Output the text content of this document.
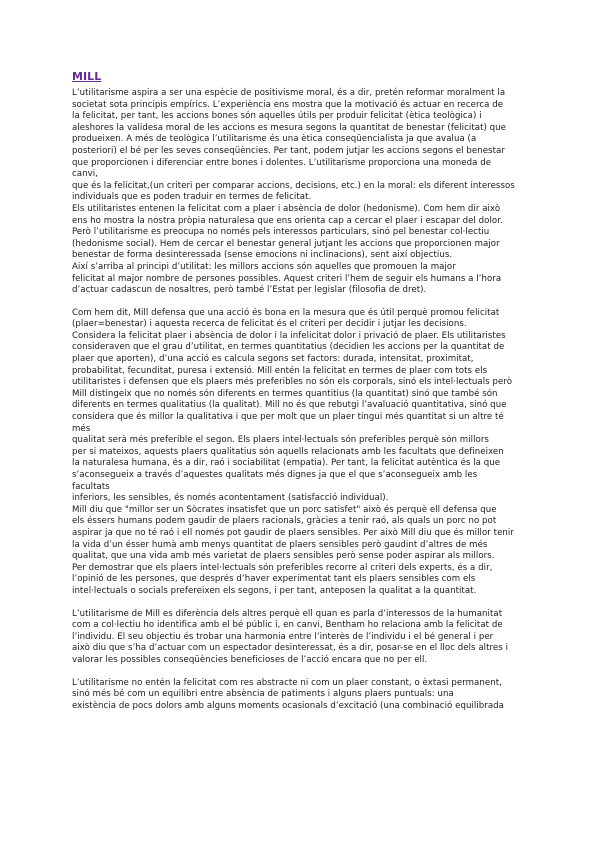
MILL

L’utilitarisme aspira a ser una espècie de positivisme moral, és a dir, pretén reformar moralment la
societat sota principis empírics. L’experiència ens mostra que la motivació és actuar en recerca de
la felicitat, per tant, les accions bones són aquelles útils per produir felicitat (ètica teològica) i
aleshores la validesa moral de les accions es mesura segons la quantitat de benestar (felicitat) que
produeixen. A més de teològica l’utilitarisme és una ètica conseqüencialista ja que avalua (a
posteriori) el bé per les seves conseqüències. Per tant, podem jutjar les accions segons el benestar
que proporcionen i diferenciar entre bones i dolentes. L’utilitarisme proporciona una moneda de canvi,
que és la felicitat,(un criteri per comparar accions, decisions, etc.) en la moral: els diferent interessos
individuals que es poden traduir en termes de felicitat.
Els utilitaristes entenen la felicitat com a plaer i absència de dolor (hedonisme). Com hem dir això
ens ho mostra la nostra pròpia naturalesa que ens orienta cap a cercar el plaer i escapar del dolor.
Però l’utilitarisme es preocupa no només pels interessos particulars, sinó pel benestar col·lectiu
(hedonisme social). Hem de cercar el benestar general jutjant les accions que proporcionen major
benestar de forma desinteressada (sense emocions ni inclinacions), sent així objectius.
Així s’arriba al principi d’utilitat: les millors accions són aquelles que promouen la major
felicitat al major nombre de persones possibles. Aquest criteri l’hem de seguir els humans a l’hora
d’actuar cadascun de nosaltres, però també l’Estat per legislar (filosofia de dret).

Com hem dit, Mill defensa que una acció és bona en la mesura que és útil perquè promou felicitat
(plaer=benestar) i aquesta recerca de felicitat és el criteri per decidir i jutjar les decisions.
Considera la felicitat plaer i absència de dolor i la infelicitat dolor i privació de plaer. Els utilitaristes
consideraven que el grau d’utilitat, en termes quantitatius (decidien les accions per la quantitat de
plaer que aporten), d’una acció es calcula segons set factors: durada, intensitat, proximitat,
probabilitat, fecunditat, puresa i extensió. Mill entén la felicitat en termes de plaer com tots els
utilitaristes i defensen que els plaers més preferibles no són els corporals, sinó els intel·lectuals però
Mill distingeix que no només són diferents en termes quantitius (la quantitat) sinó que també són
diferents en termes qualitatius (la qualitat). Mill no és que rebutgi l’avaluació quantitativa, sinó que
considera que és millor la qualitativa i que per molt que un plaer tingui més quantitat si un altre té més
qualitat serà més preferible el segon. Els plaers intel·lectuals són preferibles perquè són millors
per si mateixos, aquests plaers qualitatius són aquells relacionats amb les facultats que defineixen
la naturalesa humana, és a dir, raó i sociabilitat (empatia). Per tant, la felicitat autèntica és la que
s’aconsegueix a través d’aquestes qualitats més dignes ja que el que s’aconsegueix amb les facultats
inferiors, les sensibles, és només acontentament (satisfacció individual).
Mill diu que "millor ser un Sòcrates insatisfet que un porc satisfet" això és perquè ell defensa que
els éssers humans podem gaudir de plaers racionals, gràcies a tenir raó, als quals un porc no pot
aspirar ja que no té raó i ell només pot gaudir de plaers sensibles. Per això Mill diu que és millor tenir
la vida d’un ésser humà amb menys quantitat de plaers sensibles però gaudint d’altres de més
qualitat, que una vida amb més varietat de plaers sensibles però sense poder aspirar als millors.
Per demostrar que els plaers intel·lectuals són preferibles recorre al criteri dels experts, és a dir,
l’opinió de les persones, que després d’haver experimentat tant els plaers sensibles com els
intel·lectuals o socials prefereixen els segons, i per tant, anteposen la qualitat a la quantitat.

L’utilitarisme de Mill es diferència dels altres perquè ell quan es parla d’interessos de la humanitat
com a col·lectiu ho identifica amb el bé públic i, en canvi, Bentham ho relaciona amb la felicitat de
l’individu. El seu objectiu és trobar una harmonia entre l’interès de l’individu i el bé general i per
això diu que s’ha d’actuar com un espectador desinteressat, és a dir, posar-se en el lloc dels altres i
valorar les possibles conseqüències beneficioses de l’acció encara que no per ell.

L’utilitarisme no entén la felicitat com res abstracte ni com un plaer constant, o èxtasi permanent,
sinó més bé com un equilibri entre absència de patiments i alguns plaers puntuals: una
existència de pocs dolors amb alguns moments ocasionals d’excitació (una combinació equilibrada
